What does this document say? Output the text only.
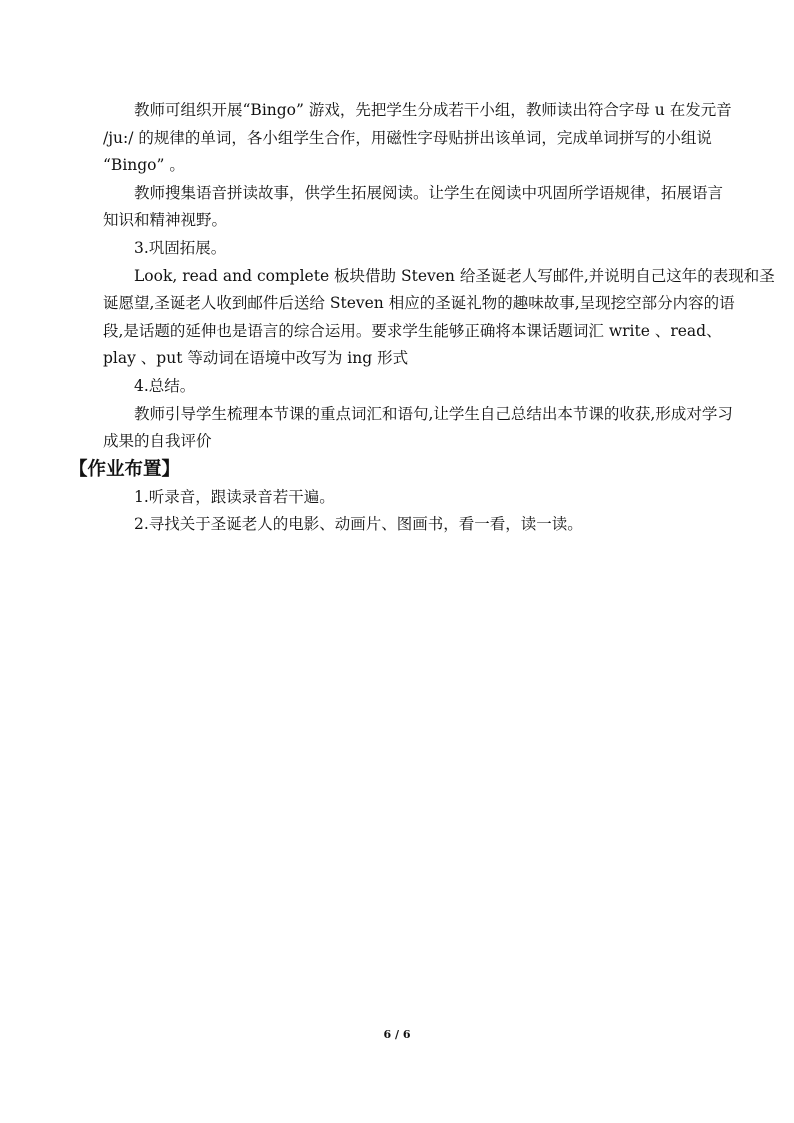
教师可组织开展“Bingo” 游戏，先把学生分成若干小组，教师读出符合字母 u 在发元音
/ju:/ 的规律的单词，各小组学生合作，用磁性字母贴拼出该单词，完成单词拼写的小组说
“Bingo” 。

教师搜集语音拼读故事，供学生拓展阅读。让学生在阅读中巩固所学语规律，拓展语言
知识和精神视野。

3.巩固拓展。

Look, read and complete 板块借助 Steven 给圣诞老人写邮件,并说明自己这年的表现和圣
诞愿望,圣诞老人收到邮件后送给 Steven 相应的圣诞礼物的趣味故事,呈现挖空部分内容的语
段,是话题的延伸也是语言的综合运用。要求学生能够正确将本课话题词汇 write 、read、
play 、put 等动词在语境中改写为 ing 形式

4.总结。

教师引导学生梳理本节课的重点词汇和语句,让学生自己总结出本节课的收获,形成对学习
成果的自我评价

【作业布置】

1.听录音，跟读录音若干遍。

2.寻找关于圣诞老人的电影、动画片、图画书，看一看，读一读。

6 / 6
